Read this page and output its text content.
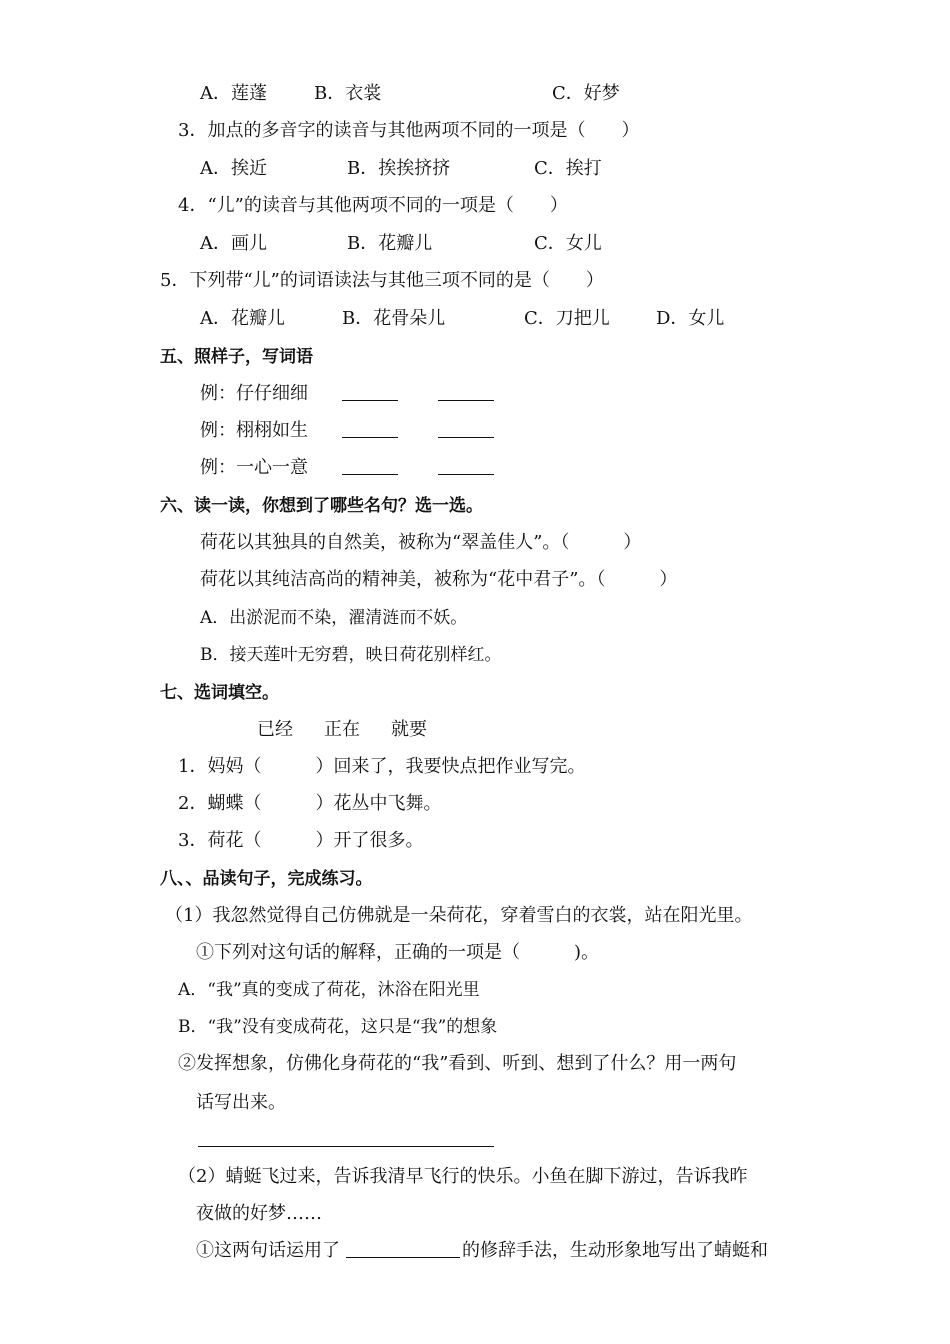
A．莲蓬	B．衣裳	C．好梦
3．加点的多音字的读音与其他两项不同的一项是（　　）
A．挨近	B．挨挨挤挤	C．挨打
4．“儿”的读音与其他两项不同的一项是（　　）
A．画儿	B．花瓣儿	C．女儿
5．下列带“儿”的词语读法与其他三项不同的是（　　）
A．花瓣儿	B．花骨朵儿	C．刀把儿	D．女儿
五、照样子，写词语
例：仔仔细细
例：栩栩如生
例：一心一意
六、读一读，你想到了哪些名句？选一选。
荷花以其独具的自然美，被称为“翠盖佳人”。（　　　）
荷花以其纯洁高尚的精神美，被称为“花中君子”。（　　　）
A．出淤泥而不染，濯清涟而不妖。
B．接天莲叶无穷碧，映日荷花别样红。
七、选词填空。
已经 正在 就要
1．妈妈（　　　）回来了，我要快点把作业写完。
2．蝴蝶（　　　）花丛中飞舞。
3．荷花（　　　）开了很多。
八、、品读句子，完成练习。
（1）我忽然觉得自己仿佛就是一朵荷花，穿着雪白的衣裳，站在阳光里。
①下列对这句话的解释，正确的一项是（　　　)。
A．“我”真的变成了荷花，沐浴在阳光里
B．“我”没有变成荷花，这只是“我”的想象
②发挥想象，仿佛化身荷花的“我”看到、听到、想到了什么？用一两句
话写出来。
（2）蜻蜓飞过来，告诉我清早飞行的快乐。小鱼在脚下游过，告诉我昨
夜做的好梦……
①这两句话运用了	的修辞手法，生动形象地写出了蜻蜓和
